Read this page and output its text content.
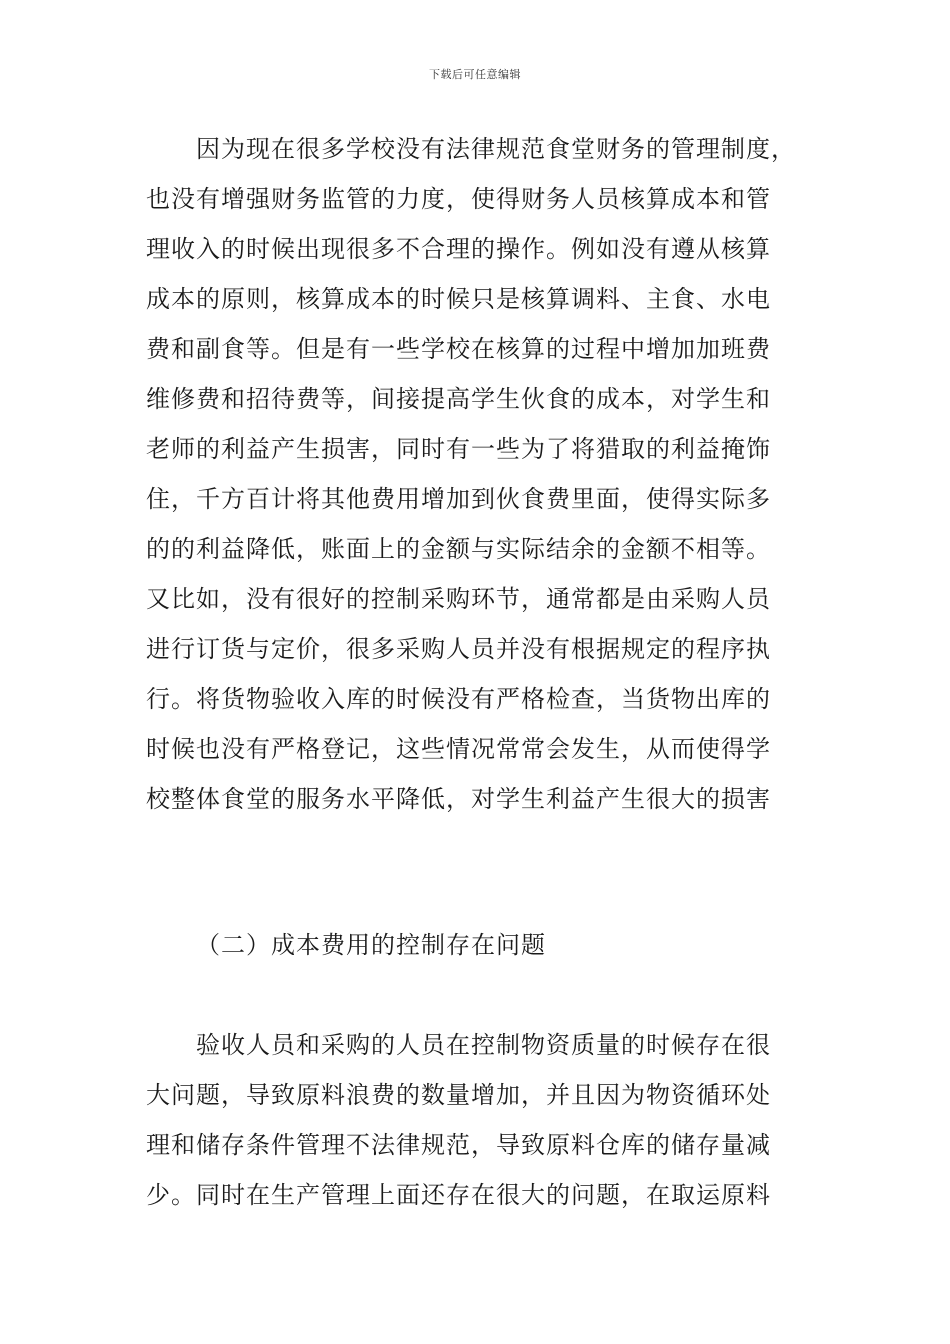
下载后可任意编辑
　　因为现在很多学校没有法律规范食堂财务的管理制度，
也没有增强财务监管的力度，使得财务人员核算成本和管
理收入的时候出现很多不合理的操作。例如没有遵从核算
成本的原则，核算成本的时候只是核算调料、主食、水电
费和副食等。但是有一些学校在核算的过程中增加加班费
维修费和招待费等，间接提高学生伙食的成本，对学生和
老师的利益产生损害，同时有一些为了将猎取的利益掩饰
住，千方百计将其他费用增加到伙食费里面，使得实际多
的的利益降低，账面上的金额与实际结余的金额不相等。
又比如，没有很好的控制采购环节，通常都是由采购人员
进行订货与定价，很多采购人员并没有根据规定的程序执
行。将货物验收入库的时候没有严格检查，当货物出库的
时候也没有严格登记，这些情况常常会发生，从而使得学
校整体食堂的服务水平降低，对学生利益产生很大的损害
（二）成本费用的控制存在问题
　　验收人员和采购的人员在控制物资质量的时候存在很
大问题，导致原料浪费的数量增加，并且因为物资循环处
理和储存条件管理不法律规范，导致原料仓库的储存量减
少。同时在生产管理上面还存在很大的问题，在取运原料
